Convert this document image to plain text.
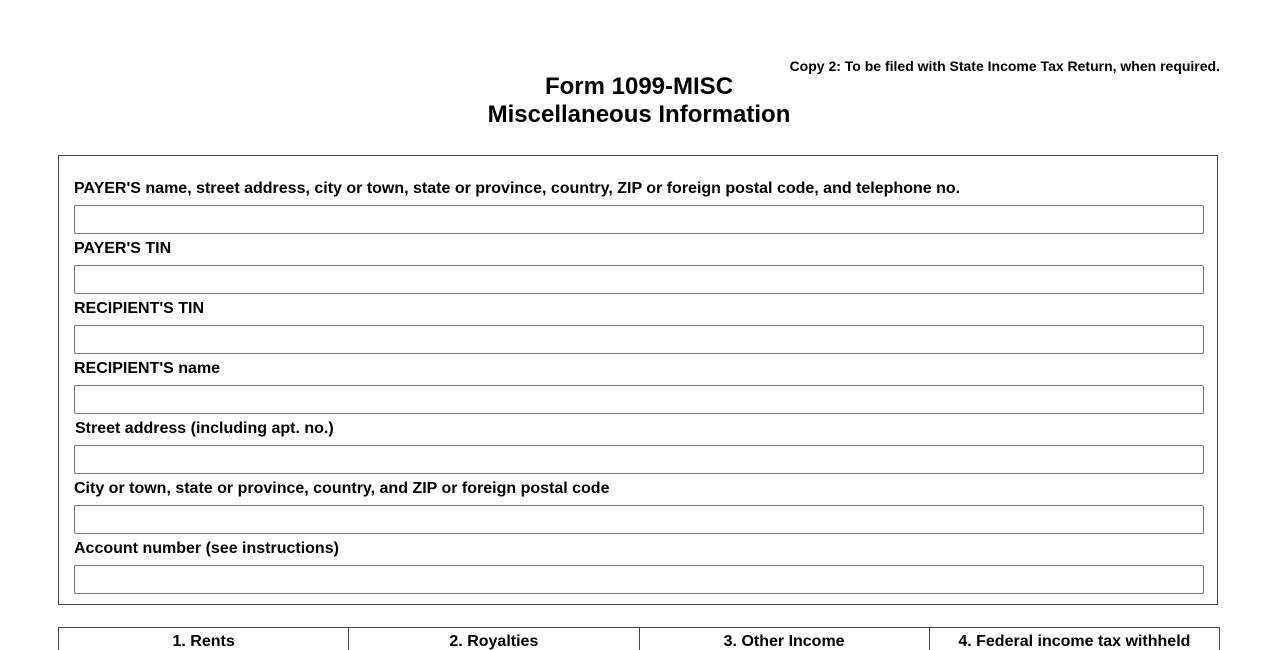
Copy 2: To be filed with State Income Tax Return, when required.
Form 1099-MISC
Miscellaneous Information
PAYER'S name, street address, city or town, state or province, country, ZIP or foreign postal code, and telephone no.
PAYER'S TIN
RECIPIENT'S TIN
RECIPIENT'S name
Street address (including apt. no.)
City or town, state or province, country, and ZIP or foreign postal code
Account number (see instructions)
1. Rents	2. Royalties	3. Other Income	4. Federal income tax withheld
